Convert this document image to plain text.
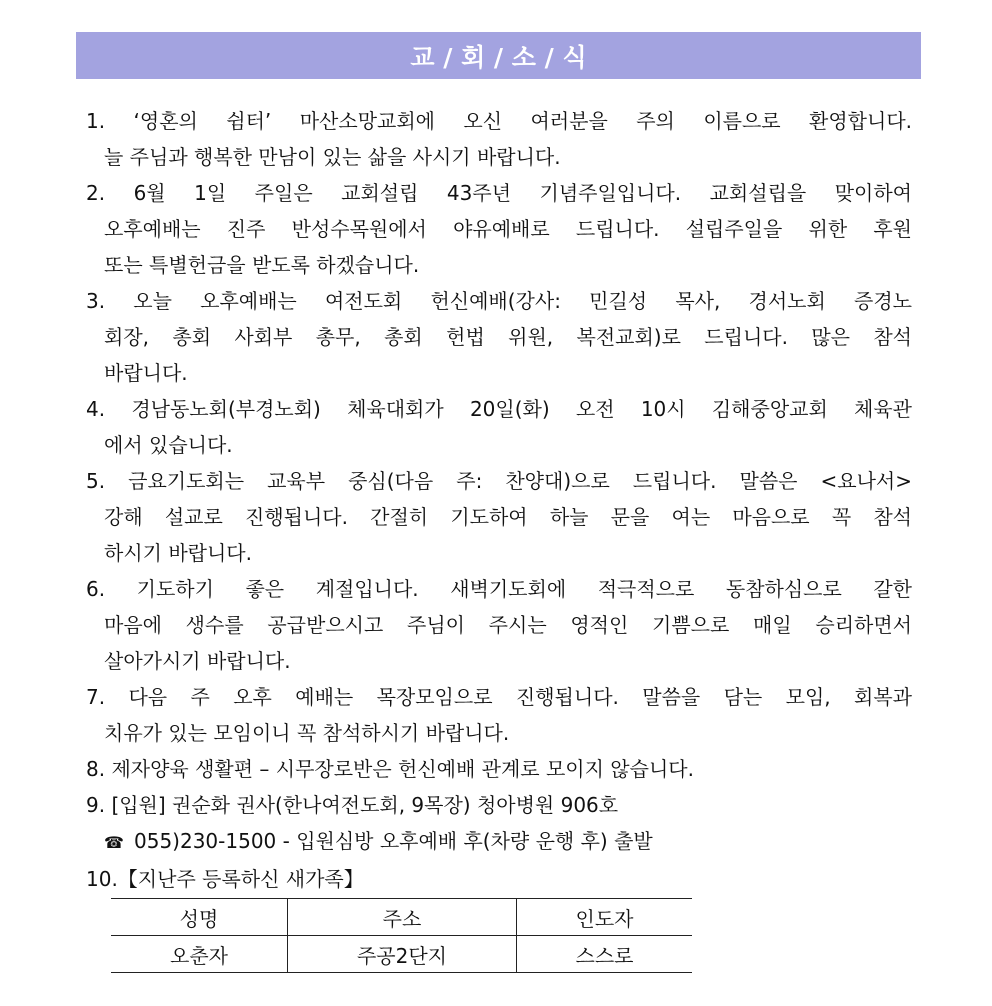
교 / 회 / 소 / 식
1. ‘영혼의 쉼터’ 마산소망교회에 오신 여러분을 주의 이름으로 환영합니다.
늘 주님과 행복한 만남이 있는 삶을 사시기 바랍니다.
2. 6월 1일 주일은 교회설립 43주년 기념주일입니다. 교회설립을 맞이하여
오후예배는 진주 반성수목원에서 야유예배로 드립니다. 설립주일을 위한 후원
또는 특별헌금을 받도록 하겠습니다.
3. 오늘 오후예배는 여전도회 헌신예배(강사: 민길성 목사, 경서노회 증경노
회장, 총회 사회부 총무, 총회 헌법 위원, 복전교회)로 드립니다. 많은 참석
바랍니다.
4. 경남동노회(부경노회) 체육대회가 20일(화) 오전 10시 김해중앙교회 체육관
에서 있습니다.
5. 금요기도회는 교육부 중심(다음 주: 찬양대)으로 드립니다. 말씀은 <요나서>
강해 설교로 진행됩니다. 간절히 기도하여 하늘 문을 여는 마음으로 꼭 참석
하시기 바랍니다.
6. 기도하기 좋은 계절입니다. 새벽기도회에 적극적으로 동참하심으로 갈한
마음에 생수를 공급받으시고 주님이 주시는 영적인 기쁨으로 매일 승리하면서
살아가시기 바랍니다.
7. 다음 주 오후 예배는 목장모임으로 진행됩니다. 말씀을 담는 모임, 회복과
치유가 있는 모임이니 꼭 참석하시기 바랍니다.
8. 제자양육 생활편 – 시무장로반은 헌신예배 관계로 모이지 않습니다.
9. [입원] 권순화 권사(한나여전도회, 9목장) 청아병원 906호
☎ 055)230-1500 - 입원심방 오후예배 후(차량 운행 후) 출발
10.【지난주 등록하신 새가족】
성명	주소	인도자
오춘자	주공2단지	스스로
